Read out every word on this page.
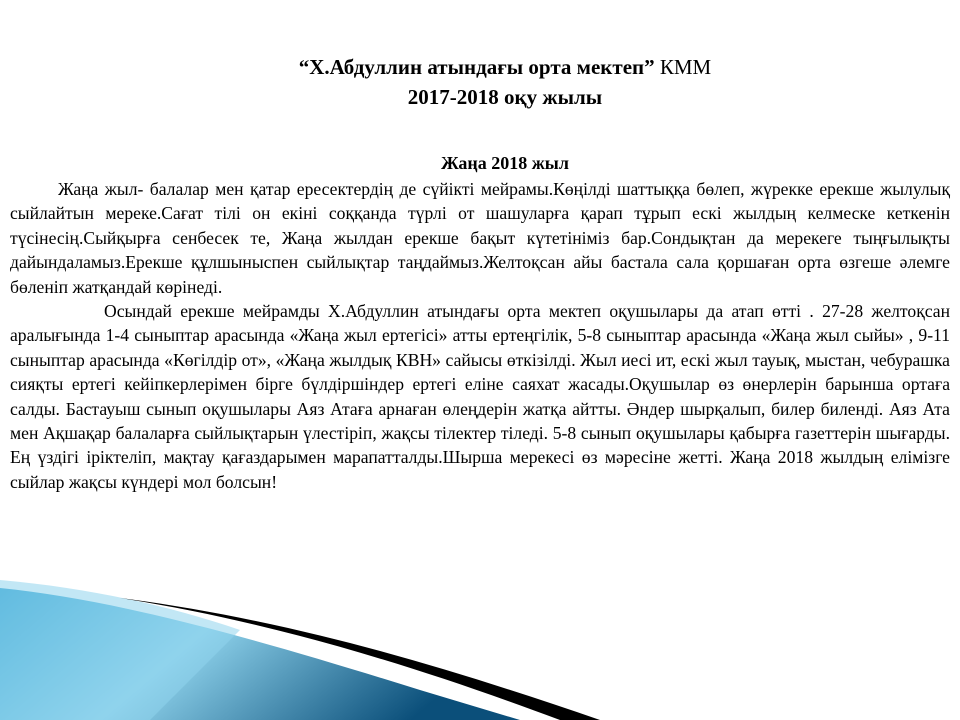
“Х.Абдуллин атындағы орта мектеп” КММ
2017-2018 оқу жылы
Жаңа 2018 жыл

Жаңа жыл- балалар мен қатар ересектердің де сүйікті мейрамы.Көңілді шаттыққа бөлеп, жүрекке ерекше жылулық сыйлайтын мереке.Сағат тілі он екіні соққанда түрлі от шашуларға қарап тұрып ескі жылдың келмеске кеткенін түсінесің.Сыйқырға сенбесек те, Жаңа жылдан ерекше бақыт күтетініміз бар.Сондықтан да мерекеге тыңғылықты дайындаламыз.Ерекше құлшыныспен сыйлықтар таңдаймыз.Желтоқсан айы бастала сала қоршаған орта өзгеше әлемге бөленіп жатқандай көрінеді.

Осындай ерекше мейрамды Х.Абдуллин атындағы орта мектеп оқушылары да атап өтті . 27-28 желтоқсан аралығында 1-4 сыныптар арасында «Жаңа жыл ертегісі» атты ертеңгілік, 5-8 сыныптар арасында «Жаңа жыл сыйы» , 9-11 сыныптар арасында «Көгілдір от», «Жаңа жылдық КВН» сайысы өткізілді. Жыл иесі ит, ескі жыл тауық, мыстан, чебурашка сияқты ертегі кейіпкерлерімен бірге бүлдіршіндер ертегі еліне саяхат жасады.Оқушылар өз өнерлерін барынша ортаға салды. Бастауыш сынып оқушылары Аяз Атаға арнаған өлеңдерін жатқа айтты. Әндер шырқалып, билер биленді. Аяз Ата мен Ақшақар балаларға сыйлықтарын үлестіріп, жақсы тілектер тіледі. 5-8 сынып оқушылары қабырға газеттерін шығарды. Ең үздігі іріктеліп, мақтау қағаздарымен марапатталды.Шырша мерекесі өз мәресіне жетті. Жаңа 2018 жылдың елімізге сыйлар жақсы күндері мол болсын!
